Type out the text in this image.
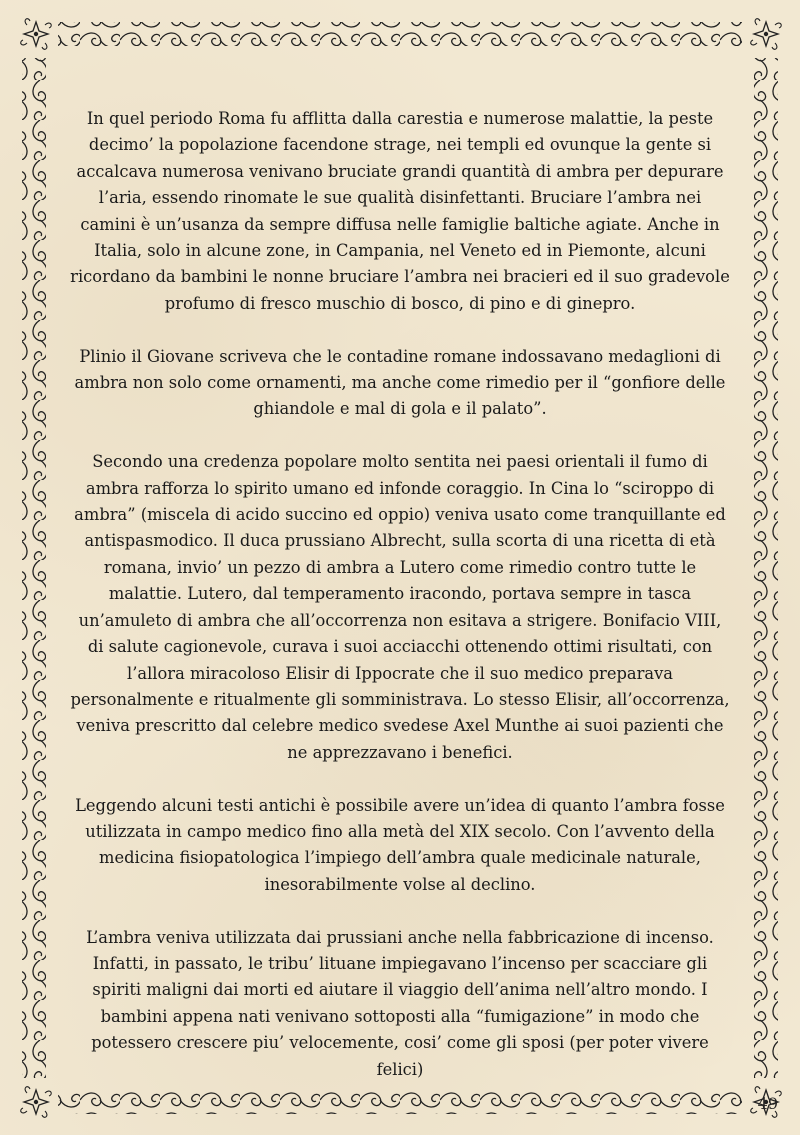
In quel periodo Roma fu afflitta dalla carestia e numerose malattie, la peste decimo’ la popolazione facendone strage, nei templi ed ovunque la gente si accalcava numerosa venivano bruciate grandi quantità di ambra per depurare l’aria, essendo rinomate le sue qualità disinfettanti. Bruciare l’ambra nei camini è un’usanza da sempre diffusa nelle famiglie baltiche agiate. Anche in Italia, solo in alcune zone, in Campania, nel Veneto ed in Piemonte, alcuni ricordano da bambini le nonne bruciare l’ambra nei bracieri ed il suo gradevole profumo di fresco muschio di bosco, di pino e di ginepro.

Plinio il Giovane scriveva che le contadine romane indossavano medaglioni di ambra non solo come ornamenti, ma anche come rimedio per il “gonfiore delle ghiandole e mal di gola e il palato”.

Secondo una credenza popolare molto sentita nei paesi orientali il fumo di ambra rafforza lo spirito umano ed infonde coraggio. In Cina lo “sciroppo di ambra” (miscela di acido succino ed oppio) veniva usato come tranquillante ed antispasmodico. Il duca prussiano Albrecht, sulla scorta di una ricetta di età romana, invio’ un pezzo di ambra a Lutero come rimedio contro tutte le malattie. Lutero, dal temperamento iracondo, portava sempre in tasca un’amuleto di ambra che all’occorrenza non esitava a strigere. Bonifacio VIII, di salute cagionevole, curava i suoi acciacchi ottenendo ottimi risultati, con l’allora miracoloso Elisir di Ippocrate che il suo medico preparava personalmente e ritualmente gli somministrava. Lo stesso Elisir, all’occorrenza, veniva prescritto dal celebre medico svedese Axel Munthe ai suoi pazienti che ne apprezzavano i benefici.

Leggendo alcuni testi antichi è possibile avere un’idea di quanto l’ambra fosse utilizzata in campo medico fino alla metà del XIX secolo. Con l’avvento della medicina fisiopatologica l’impiego dell’ambra quale medicinale naturale, inesorabilmente volse al declino.

L’ambra veniva utilizzata dai prussiani anche nella fabbricazione di incenso. Infatti, in passato, le tribu’ lituane impiegavano l’incenso per scacciare gli spiriti maligni dai morti ed aiutare il viaggio dell’anima nell’altro mondo. I bambini appena nati venivano sottoposti alla “fumigazione” in modo che potessero crescere piu’ velocemente, cosi’ come gli sposi (per poter vivere felici)

49
